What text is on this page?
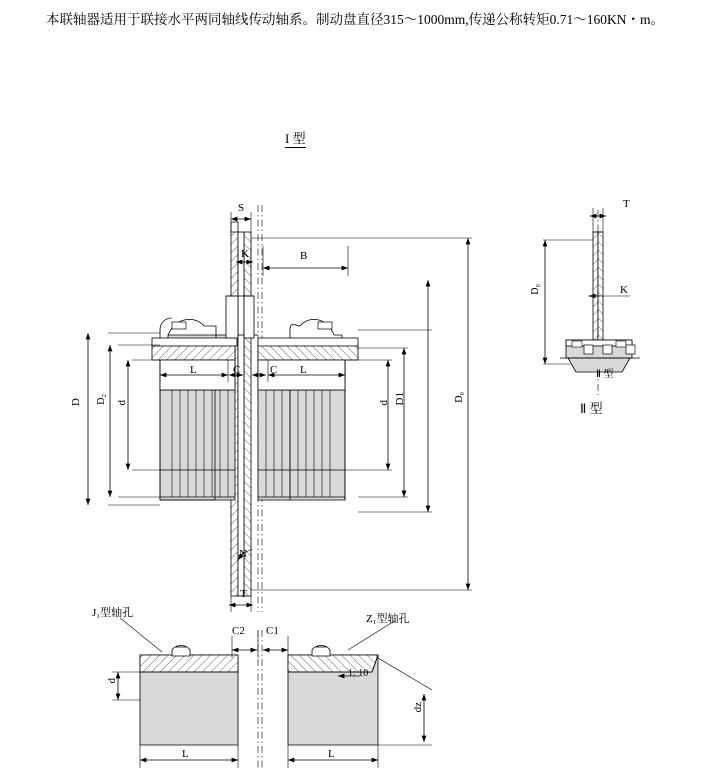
本联轴器适用于联接水平两同轴线传动轴系。制动盘直径315～1000mm,传递公称转矩0.71～160KN・m。
I 型
S
K	B
L	L
C	C
D D₂ d	d D1	D₀
N
T
T
K
D₀
Ⅱ 型
Ⅱ 型
J₁型轴孔	Z₁型轴孔
C2 C1
1: 10
d
dz
L	L
